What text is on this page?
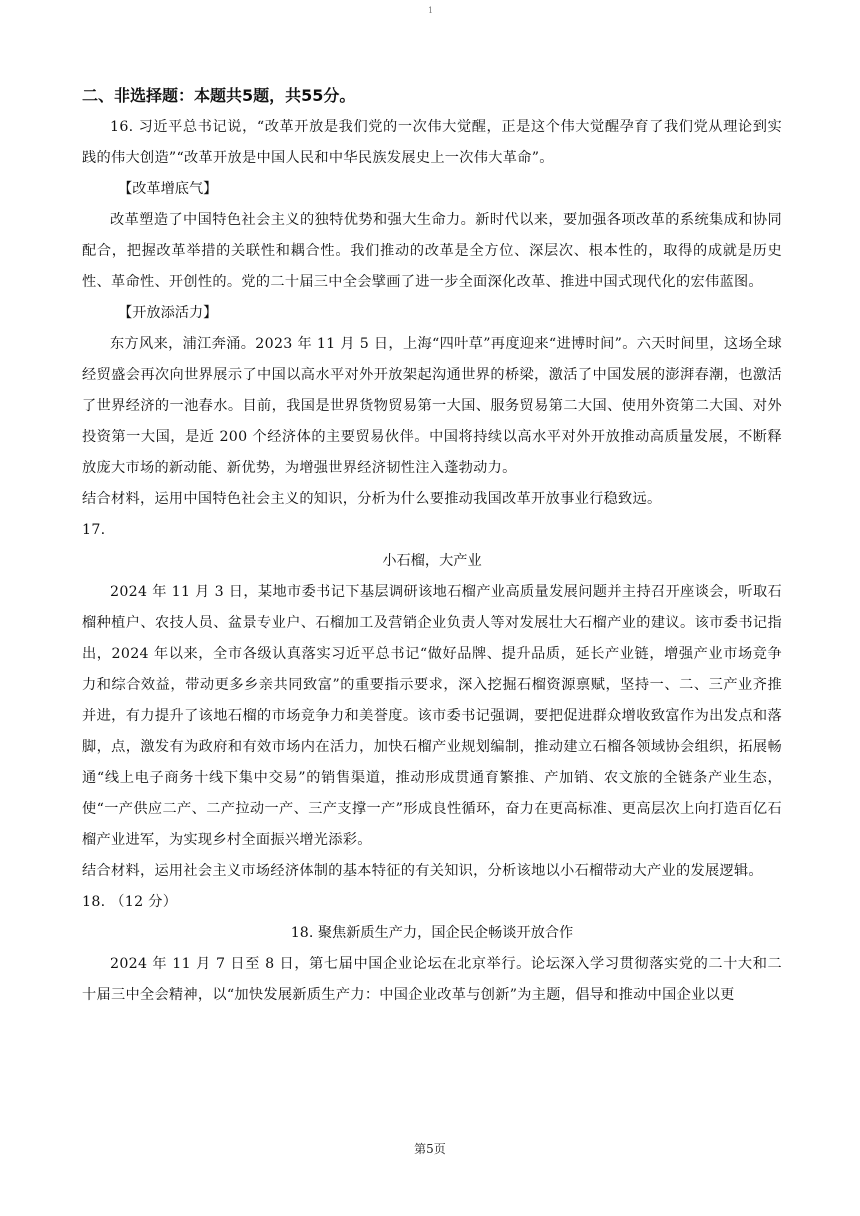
1
二、非选择题：本题共5题，共55分。

16. 习近平总书记说，“改革开放是我们党的一次伟大觉醒，正是这个伟大觉醒孕育了我们党从理论到实践的伟大创造”“改革开放是中国人民和中华民族发展史上一次伟大革命”。

【改革增底气】

改革塑造了中国特色社会主义的独特优势和强大生命力。新时代以来，要加强各项改革的系统集成和协同配合，把握改革举措的关联性和耦合性。我们推动的改革是全方位、深层次、根本性的，取得的成就是历史性、革命性、开创性的。党的二十届三中全会擘画了进一步全面深化改革、推进中国式现代化的宏伟蓝图。

【开放添活力】

东方风来，浦江奔涌。2023 年 11 月 5 日，上海“四叶草”再度迎来“进博时间”。六天时间里，这场全球经贸盛会再次向世界展示了中国以高水平对外开放架起沟通世界的桥梁，激活了中国发展的澎湃春潮，也激活了世界经济的一池春水。目前，我国是世界货物贸易第一大国、服务贸易第二大国、使用外资第二大国、对外投资第一大国，是近 200 个经济体的主要贸易伙伴。中国将持续以高水平对外开放推动高质量发展，不断释放庞大市场的新动能、新优势，为增强世界经济韧性注入蓬勃动力。

结合材料，运用中国特色社会主义的知识，分析为什么要推动我国改革开放事业行稳致远。

17.

小石榴，大产业

2024 年 11 月 3 日，某地市委书记下基层调研该地石榴产业高质量发展问题并主持召开座谈会，听取石榴种植户、农技人员、盆景专业户、石榴加工及营销企业负责人等对发展壮大石榴产业的建议。该市委书记指出，2024 年以来，全市各级认真落实习近平总书记“做好品牌、提升品质，延长产业链，增强产业市场竞争力和综合效益，带动更多乡亲共同致富”的重要指示要求，深入挖掘石榴资源禀赋，坚持一、二、三产业齐推并进，有力提升了该地石榴的市场竞争力和美誉度。该市委书记强调，要把促进群众增收致富作为出发点和落脚，点，激发有为政府和有效市场内在活力，加快石榴产业规划编制，推动建立石榴各领域协会组织，拓展畅通“线上电子商务十线下集中交易”的销售渠道，推动形成贯通育繁推、产加销、农文旅的全链条产业生态，使“一产供应二产、二产拉动一产、三产支撑一产”形成良性循环，奋力在更高标准、更高层次上向打造百亿石榴产业进军，为实现乡村全面振兴增光添彩。

结合材料，运用社会主义市场经济体制的基本特征的有关知识，分析该地以小石榴带动大产业的发展逻辑。

18. （12 分）

18. 聚焦新质生产力，国企民企畅谈开放合作

2024 年 11 月 7 日至 8 日，第七届中国企业论坛在北京举行。论坛深入学习贯彻落实党的二十大和二十届三中全会精神，以“加快发展新质生产力：中国企业改革与创新”为主题，倡导和推动中国企业以更

第5页
